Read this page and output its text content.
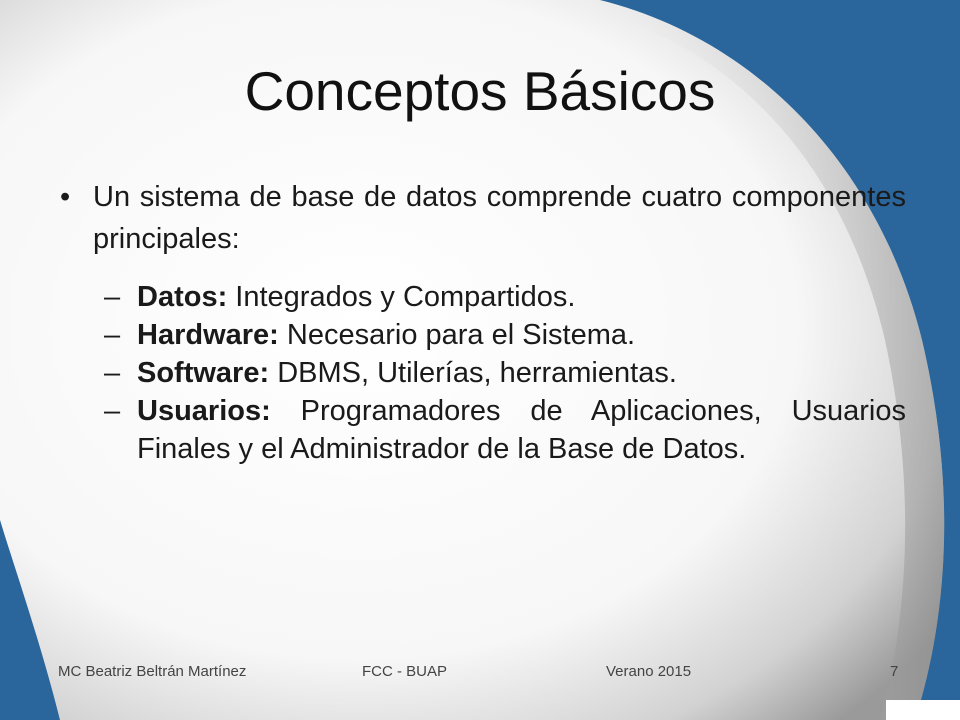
Conceptos Básicos
• Un sistema de base de datos comprende cuatro componentes principales:
– Datos: Integrados y Compartidos.
– Hardware: Necesario para el Sistema.
– Software: DBMS, Utilerías, herramientas.
– Usuarios: Programadores de Aplicaciones, Usuarios Finales y el Administrador de la Base de Datos.
MC Beatriz Beltrán Martínez	FCC - BUAP	Verano 2015	7
